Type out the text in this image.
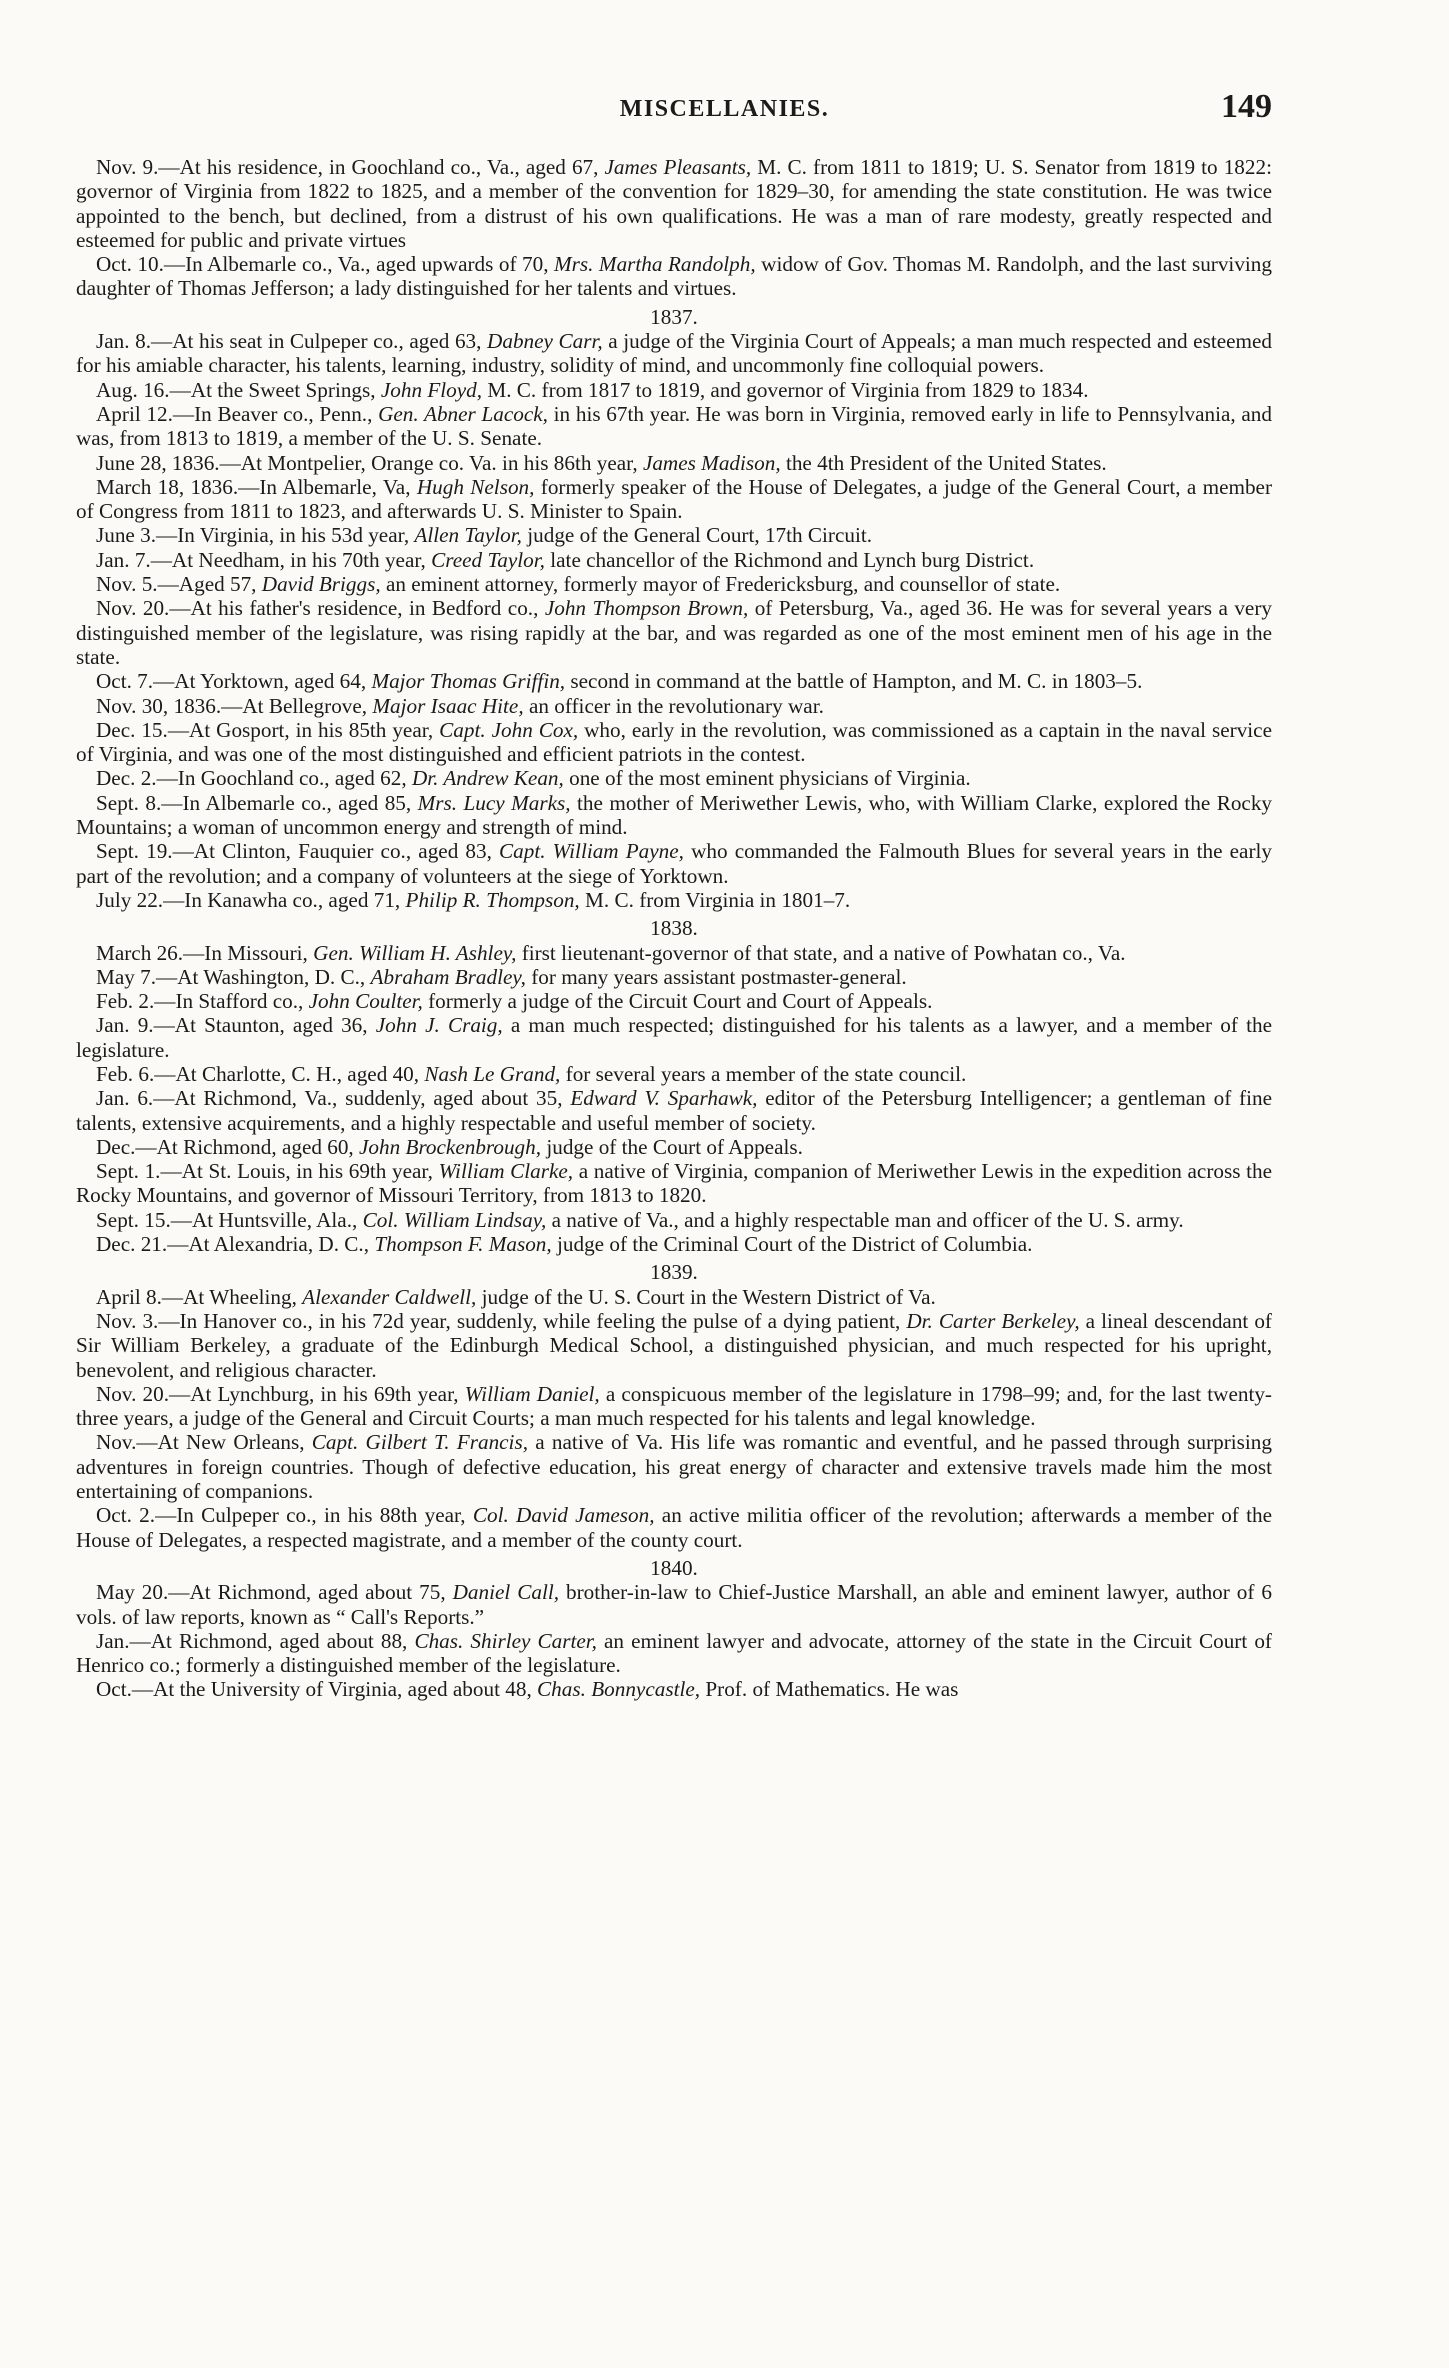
MISCELLANIES.	149

Nov. 9.—At his residence, in Goochland co., Va., aged 67, James Pleasants, M. C. from 1811 to 1819; U. S. Senator from 1819 to 1822: governor of Virginia from 1822 to 1825, and a member of the convention for 1829–30, for amending the state constitution. He was twice appointed to the bench, but declined, from a distrust of his own qualifications. He was a man of rare modesty, greatly respected and esteemed for public and private virtues

Oct. 10.—In Albemarle co., Va., aged upwards of 70, Mrs. Martha Randolph, widow of Gov. Thomas M. Randolph, and the last surviving daughter of Thomas Jefferson; a lady distinguished for her talents and virtues.

1837.

Jan. 8.—At his seat in Culpeper co., aged 63, Dabney Carr, a judge of the Virginia Court of Appeals; a man much respected and esteemed for his amiable character, his talents, learning, industry, solidity of mind, and uncommonly fine colloquial powers.

Aug. 16.—At the Sweet Springs, John Floyd, M. C. from 1817 to 1819, and governor of Virginia from 1829 to 1834.

April 12.—In Beaver co., Penn., Gen. Abner Lacock, in his 67th year. He was born in Virginia, removed early in life to Pennsylvania, and was, from 1813 to 1819, a member of the U. S. Senate.

June 28, 1836.—At Montpelier, Orange co. Va. in his 86th year, James Madison, the 4th President of the United States.

March 18, 1836.—In Albemarle, Va, Hugh Nelson, formerly speaker of the House of Delegates, a judge of the General Court, a member of Congress from 1811 to 1823, and afterwards U. S. Minister to Spain.

June 3.—In Virginia, in his 53d year, Allen Taylor, judge of the General Court, 17th Circuit.

Jan. 7.—At Needham, in his 70th year, Creed Taylor, late chancellor of the Richmond and Lynch burg District.

Nov. 5.—Aged 57, David Briggs, an eminent attorney, formerly mayor of Fredericksburg, and counsellor of state.

Nov. 20.—At his father's residence, in Bedford co., John Thompson Brown, of Petersburg, Va., aged 36. He was for several years a very distinguished member of the legislature, was rising rapidly at the bar, and was regarded as one of the most eminent men of his age in the state.

Oct. 7.—At Yorktown, aged 64, Major Thomas Griffin, second in command at the battle of Hampton, and M. C. in 1803–5.

Nov. 30, 1836.—At Bellegrove, Major Isaac Hite, an officer in the revolutionary war.

Dec. 15.—At Gosport, in his 85th year, Capt. John Cox, who, early in the revolution, was commissioned as a captain in the naval service of Virginia, and was one of the most distinguished and efficient patriots in the contest.

Dec. 2.—In Goochland co., aged 62, Dr. Andrew Kean, one of the most eminent physicians of Virginia.

Sept. 8.—In Albemarle co., aged 85, Mrs. Lucy Marks, the mother of Meriwether Lewis, who, with William Clarke, explored the Rocky Mountains; a woman of uncommon energy and strength of mind.

Sept. 19.—At Clinton, Fauquier co., aged 83, Capt. William Payne, who commanded the Falmouth Blues for several years in the early part of the revolution; and a company of volunteers at the siege of Yorktown.

July 22.—In Kanawha co., aged 71, Philip R. Thompson, M. C. from Virginia in 1801–7.

1838.

March 26.—In Missouri, Gen. William H. Ashley, first lieutenant-governor of that state, and a native of Powhatan co., Va.

May 7.—At Washington, D. C., Abraham Bradley, for many years assistant postmaster-general.

Feb. 2.—In Stafford co., John Coulter, formerly a judge of the Circuit Court and Court of Appeals.

Jan. 9.—At Staunton, aged 36, John J. Craig, a man much respected; distinguished for his talents as a lawyer, and a member of the legislature.

Feb. 6.—At Charlotte, C. H., aged 40, Nash Le Grand, for several years a member of the state council.

Jan. 6.—At Richmond, Va., suddenly, aged about 35, Edward V. Sparhawk, editor of the Petersburg Intelligencer; a gentleman of fine talents, extensive acquirements, and a highly respectable and useful member of society.

Dec.—At Richmond, aged 60, John Brockenbrough, judge of the Court of Appeals.

Sept. 1.—At St. Louis, in his 69th year, William Clarke, a native of Virginia, companion of Meriwether Lewis in the expedition across the Rocky Mountains, and governor of Missouri Territory, from 1813 to 1820.

Sept. 15.—At Huntsville, Ala., Col. William Lindsay, a native of Va., and a highly respectable man and officer of the U. S. army.

Dec. 21.—At Alexandria, D. C., Thompson F. Mason, judge of the Criminal Court of the District of Columbia.

1839.

April 8.—At Wheeling, Alexander Caldwell, judge of the U. S. Court in the Western District of Va.

Nov. 3.—In Hanover co., in his 72d year, suddenly, while feeling the pulse of a dying patient, Dr. Carter Berkeley, a lineal descendant of Sir William Berkeley, a graduate of the Edinburgh Medical School, a distinguished physician, and much respected for his upright, benevolent, and religious character.

Nov. 20.—At Lynchburg, in his 69th year, William Daniel, a conspicuous member of the legislature in 1798–99; and, for the last twenty-three years, a judge of the General and Circuit Courts; a man much respected for his talents and legal knowledge.

Nov.—At New Orleans, Capt. Gilbert T. Francis, a native of Va. His life was romantic and eventful, and he passed through surprising adventures in foreign countries. Though of defective education, his great energy of character and extensive travels made him the most entertaining of companions.

Oct. 2.—In Culpeper co., in his 88th year, Col. David Jameson, an active militia officer of the revolution; afterwards a member of the House of Delegates, a respected magistrate, and a member of the county court.

1840.

May 20.—At Richmond, aged about 75, Daniel Call, brother-in-law to Chief-Justice Marshall, an able and eminent lawyer, author of 6 vols. of law reports, known as “ Call's Reports.”

Jan.—At Richmond, aged about 88, Chas. Shirley Carter, an eminent lawyer and advocate, attorney of the state in the Circuit Court of Henrico co.; formerly a distinguished member of the legislature.

Oct.—At the University of Virginia, aged about 48, Chas. Bonnycastle, Prof. of Mathematics. He was
